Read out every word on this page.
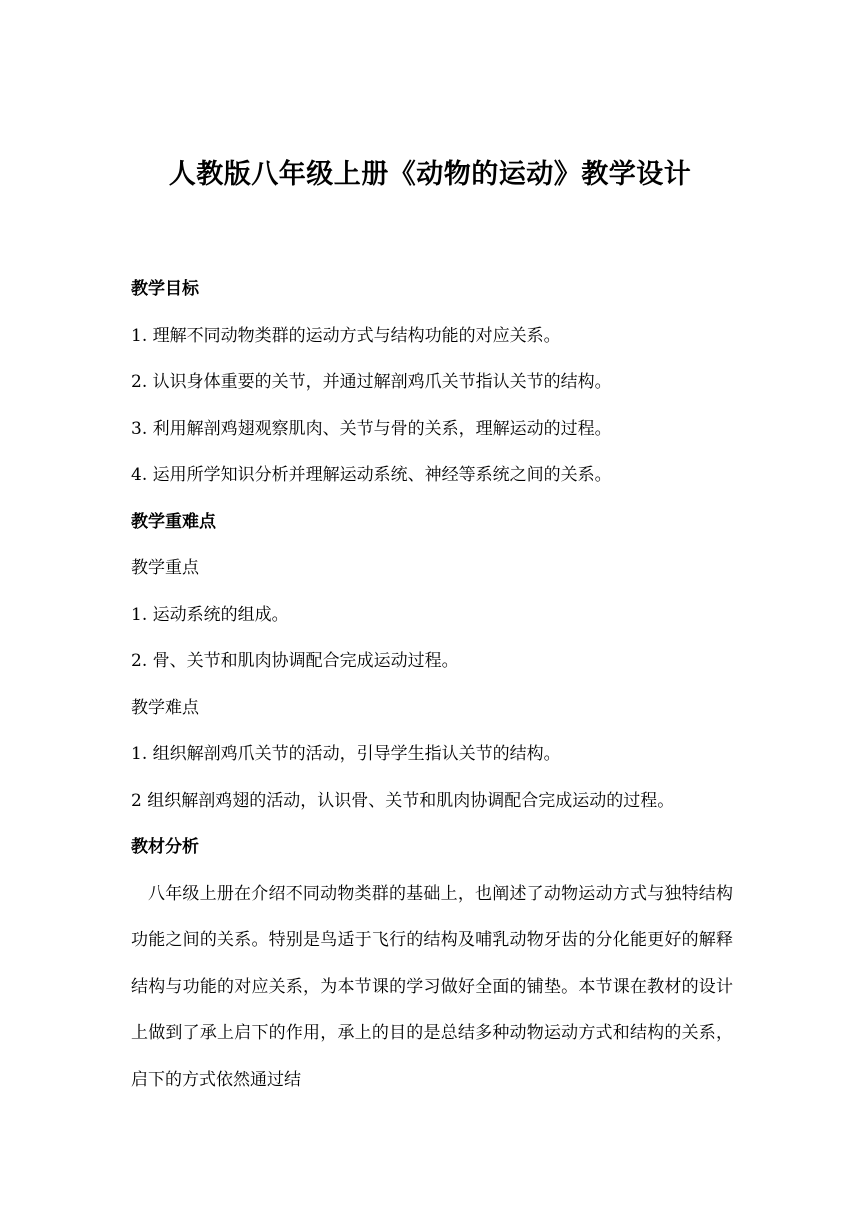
人教版八年级上册《动物的运动》教学设计
教学目标
1. 理解不同动物类群的运动方式与结构功能的对应关系。
2. 认识身体重要的关节，并通过解剖鸡爪关节指认关节的结构。
3. 利用解剖鸡翅观察肌肉、关节与骨的关系，理解运动的过程。
4. 运用所学知识分析并理解运动系统、神经等系统之间的关系。
教学重难点
教学重点
1. 运动系统的组成。
2. 骨、关节和肌肉协调配合完成运动过程。
教学难点
1. 组织解剖鸡爪关节的活动，引导学生指认关节的结构。

2 组织解剖鸡翅的活动，认识骨、关节和肌肉协调配合完成运动的过程。

教材分析

八年级上册在介绍不同动物类群的基础上，也阐述了动物运动方式与独特结构功能之间的关系。特别是鸟适于飞行的结构及哺乳动物牙齿的分化能更好的解释结构与功能的对应关系，为本节课的学习做好全面的铺垫。本节课在教材的设计上做到了承上启下的作用，承上的目的是总结多种动物运动方式和结构的关系，启下的方式依然通过结
